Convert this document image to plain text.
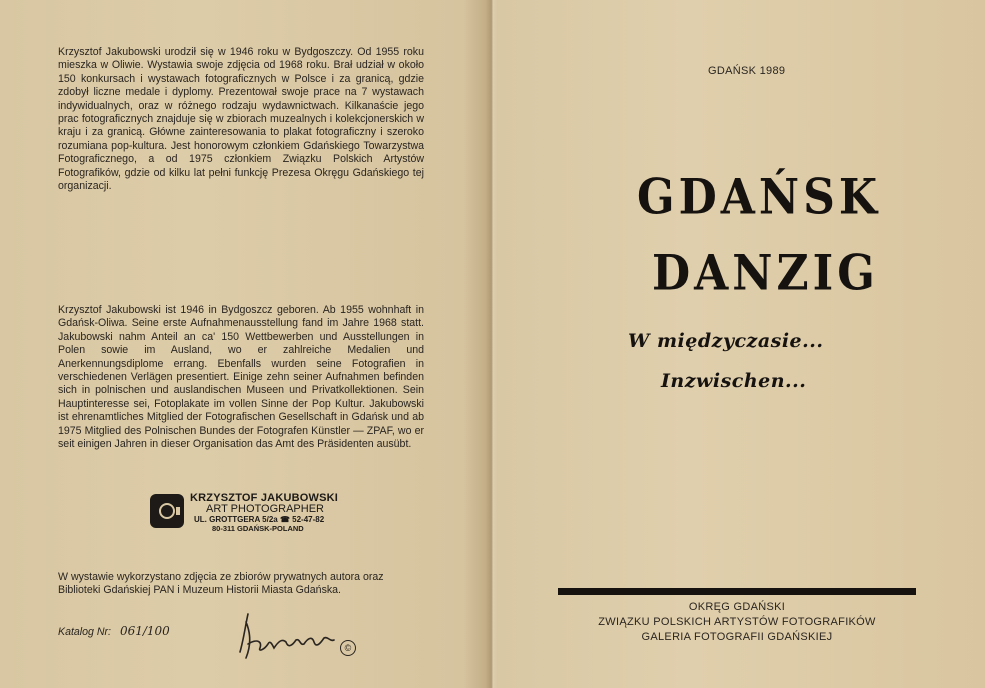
Krzysztof Jakubowski urodził się w 1946 roku w Bydgoszczy. Od 1955 roku mieszka w Oliwie. Wystawia swoje zdjęcia od 1968 roku. Brał udział w około 150 konkursach i wystawach fotograficznych w Polsce i za granicą, gdzie zdobył liczne medale i dyplomy. Prezentował swoje prace na 7 wystawach indywidualnych, oraz w różnego rodzaju wydawnictwach. Kilkanaście jego prac fotograficznych znajduje się w zbiorach muzealnych i kolekcjonerskich w kraju i za granicą. Główne zainteresowania to plakat fotograficzny i szeroko rozumiana pop-kultura. Jest honorowym członkiem Gdańskiego Towarzystwa Fotograficznego, a od 1975 członkiem Związku Polskich Artystów Fotografików, gdzie od kilku lat pełni funkcję Prezesa Okręgu Gdańskiego tej organizacji.

Krzysztof Jakubowski ist 1946 in Bydgoszcz geboren. Ab 1955 wohnhaft in Gdańsk-Oliwa. Seine erste Aufnahmenausstellung fand im Jahre 1968 statt. Jakubowski nahm Anteil an ca' 150 Wettbewerben und Ausstellungen in Polen sowie im Ausland, wo er zahlreiche Medalien und Anerkennungsdiplome errang. Ebenfalls wurden seine Fotografien in verschiedenen Verlägen presentiert. Einige zehn seiner Aufnahmen befinden sich in polnischen und auslandischen Museen und Privatkollektionen. Sein Hauptinteresse sei, Fotoplakate im vollen Sinne der Pop Kultur. Jakubowski ist ehrenamtliches Mitglied der Fotografischen Gesellschaft in Gdańsk und ab 1975 Mitglied des Polnischen Bundes der Fotografen Künstler — ZPAF, wo er seit einigen Jahren in dieser Organisation das Amt des Präsidenten ausübt.

KRZYSZTOF JAKUBOWSKI
ART PHOTOGRAPHER
UL. GROTTGERA 5/2a ☎ 52-47-82
80-311 GDAŃSK-POLAND

W wystawie wykorzystano zdjęcia ze zbiorów prywatnych autora oraz Biblioteki Gdańskiej PAN i Muzeum Historii Miasta Gdańska.

Katalog Nr: 061/100
©
GDAŃSK 1989
GDAŃSK
DANZIG
W międzyczasie...
Inzwischen...
OKRĘG GDAŃSKI
ZWIĄZKU POLSKICH ARTYSTÓW FOTOGRAFIKÓW
GALERIA FOTOGRAFII GDAŃSKIEJ
